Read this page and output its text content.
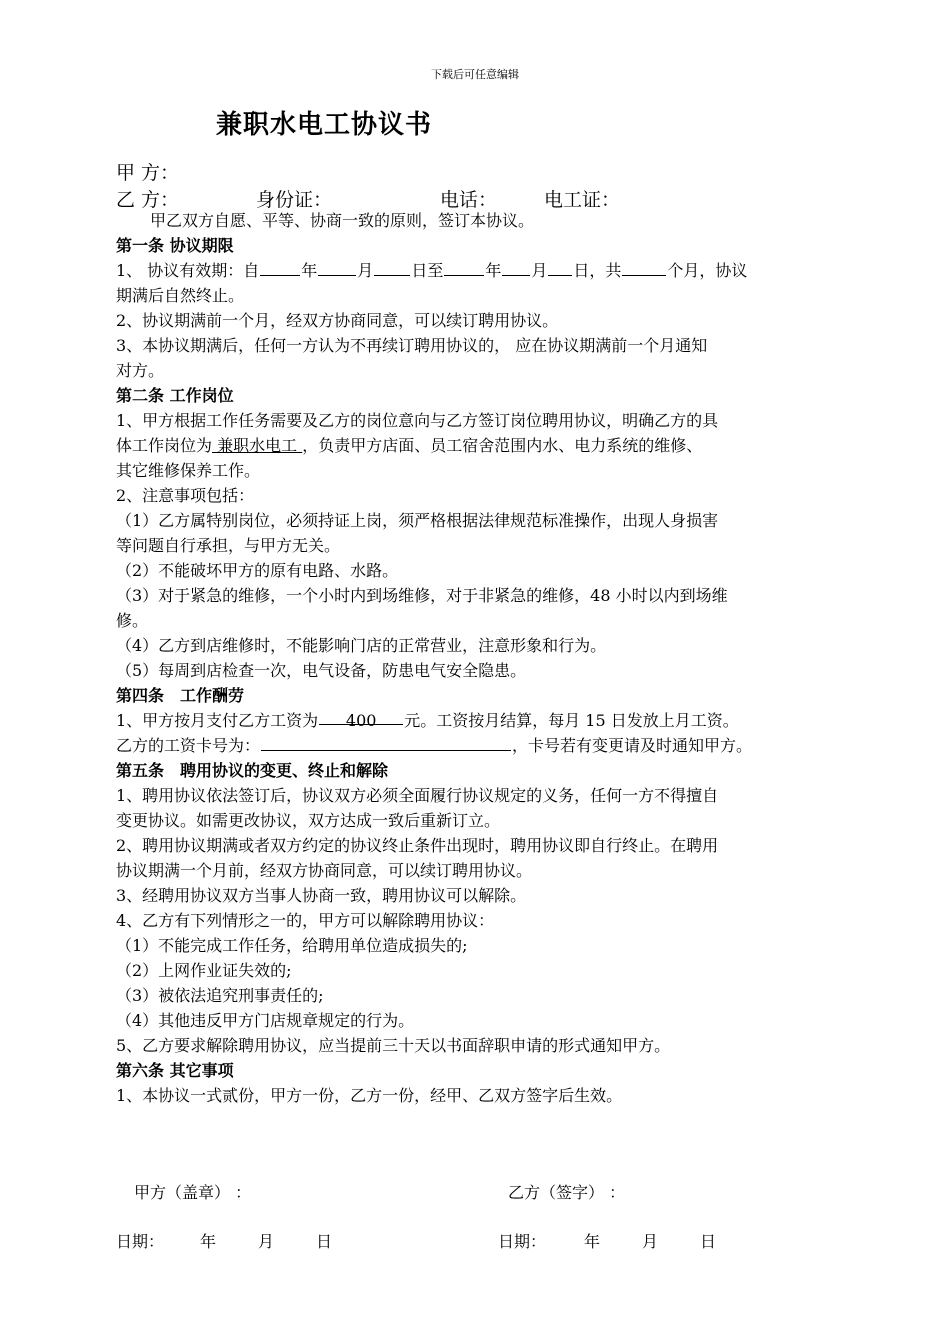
下载后可任意编辑
兼职水电工协议书
甲 方：
乙 方：	身份证：	电话： 电工证：
甲乙双方自愿、平等、协商一致的原则，签订本协议。
第一条 协议期限
1、 协议有效期：自	年	月 日至	年 月 日，共	个月，协议
期满后自然终止。
2、协议期满前一个月，经双方协商同意，可以续订聘用协议。
3、本协议期满后，任何一方认为不再续订聘用协议的， 应在协议期满前一个月通知
对方。
第二条 工作岗位
1、甲方根据工作任务需要及乙方的岗位意向与乙方签订岗位聘用协议，明确乙方的具
体工作岗位为 兼职水电工 ，负责甲方店面、员工宿舍范围内水、电力系统的维修、
其它维修保养工作。
2、注意事项包括：
（1）乙方属特别岗位，必须持证上岗，须严格根据法律规范标准操作，出现人身损害
等问题自行承担，与甲方无关。
（2）不能破坏甲方的原有电路、水路。
（3）对于紧急的维修，一个小时内到场维修，对于非紧急的维修，48 小时以内到场维
修。
（4）乙方到店维修时，不能影响门店的正常营业，注意形象和行为。
（5）每周到店检查一次，电气设备，防患电气安全隐患。
第四条　工作酬劳
1、甲方按月支付乙方工资为 400 元。工资按月结算，每月 15 日发放上月工资。
乙方的工资卡号为：	，卡号若有变更请及时通知甲方。
第五条　聘用协议的变更、终止和解除
1、聘用协议依法签订后，协议双方必须全面履行协议规定的义务，任何一方不得擅自
变更协议。如需更改协议，双方达成一致后重新订立。
2、聘用协议期满或者双方约定的协议终止条件出现时，聘用协议即自行终止。在聘用
协议期满一个月前，经双方协商同意，可以续订聘用协议。
3、经聘用协议双方当事人协商一致，聘用协议可以解除。
4、乙方有下列情形之一的，甲方可以解除聘用协议：
（1）不能完成工作任务，给聘用单位造成损失的;
（2）上网作业证失效的;
（3）被依法追究刑事责任的;
（4）其他违反甲方门店规章规定的行为。
5、乙方要求解除聘用协议，应当提前三十天以书面辞职申请的形式通知甲方。
第六条 其它事项
1、本协议一式贰份，甲方一份，乙方一份，经甲、乙双方签字后生效。
甲方（盖章） ：	乙方（签字） ：
日期： 年	月	日	日期： 年	月	日
